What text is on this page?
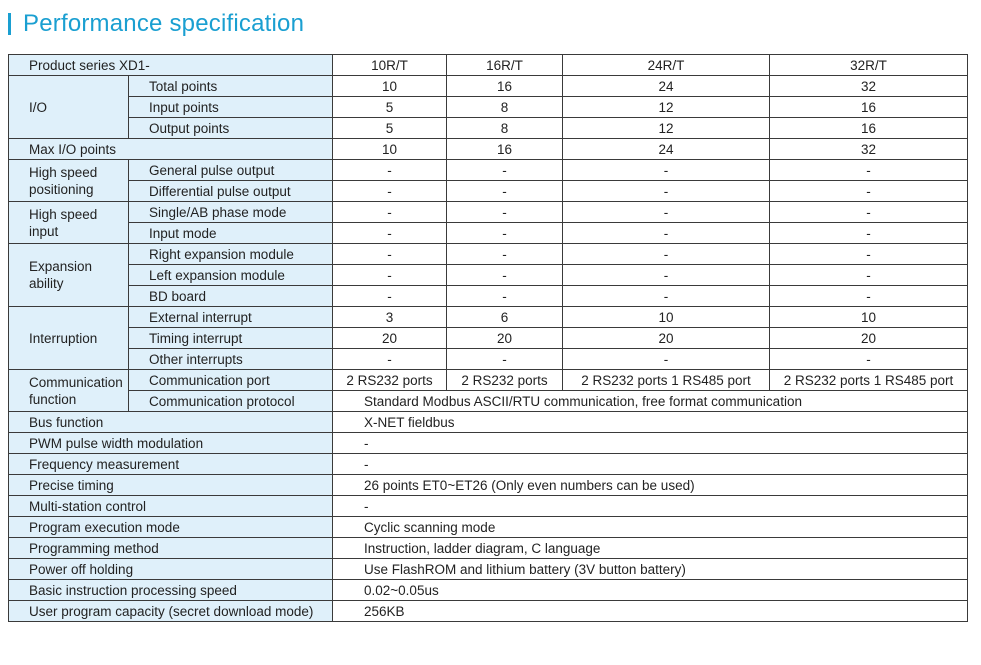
Performance specification
Product series XD1-		10R/T	16R/T	24R/T	32R/T
I/O	Total points	10	16	24	32
	Input points	5	8	12	16
	Output points	5	8	12	16
Max I/O points		10	16	24	32
High speed positioning	General pulse output	-	-	-	-
	Differential pulse output	-	-	-	-
High speed input	Single/AB phase mode	-	-	-	-
	Input mode	-	-	-	-
Expansion ability	Right expansion module	-	-	-	-
	Left expansion module	-	-	-	-
	BD board	-	-	-	-
Interruption	External interrupt	3	6	10	10
	Timing interrupt	20	20	20	20
	Other interrupts	-	-	-	-
Communication function	Communication port	2 RS232 ports	2 RS232 ports	2 RS232 ports 1 RS485 port	2 RS232 ports 1 RS485 port
	Communication protocol	Standard Modbus ASCII/RTU communication, free format communication			
Bus function		X-NET fieldbus			
PWM pulse width modulation		-			
Frequency measurement		-			
Precise timing		26 points ET0~ET26 (Only even numbers can be used)			
Multi-station control		-			
Program execution mode		Cyclic scanning mode			
Programming method		Instruction, ladder diagram, C language			
Power off holding		Use FlashROM and lithium battery (3V button battery)			
Basic instruction processing speed		0.02~0.05us			
User program capacity (secret download mode)		256KB			
